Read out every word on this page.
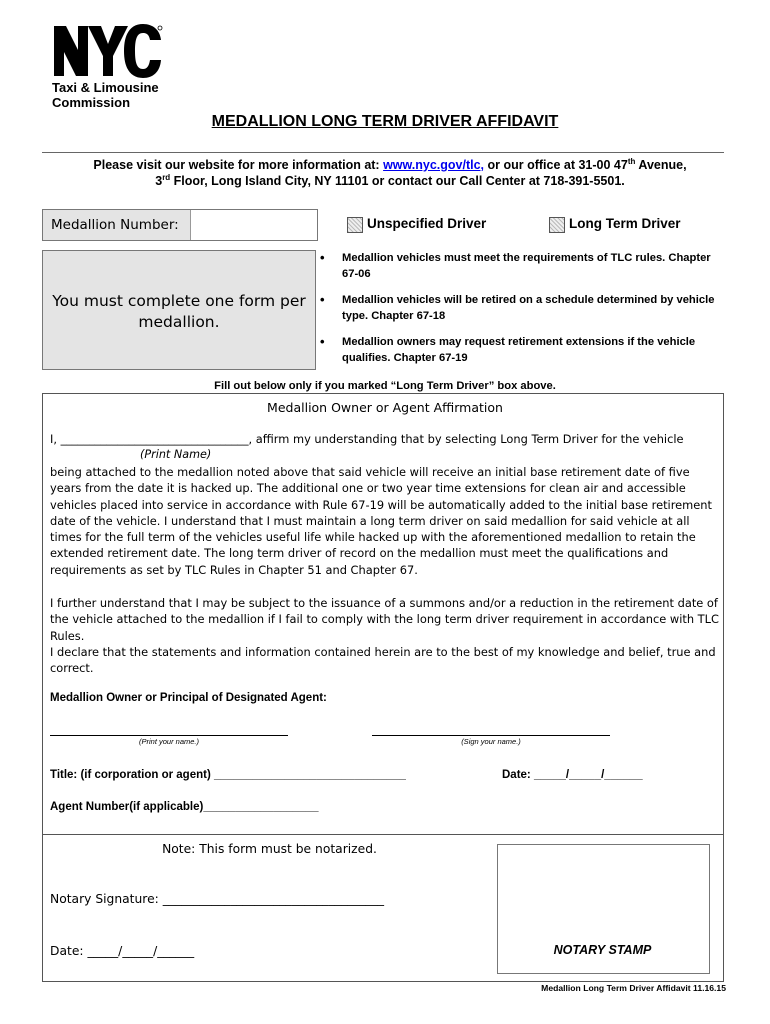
Taxi & Limousine
Commission
MEDALLION LONG TERM DRIVER AFFIDAVIT
Please visit our website for more information at: www.nyc.gov/tlc, or our office at 31-00 47th Avenue,
3rd Floor, Long Island City, NY 11101 or contact our Call Center at 718-391-5501.
Medallion Number:	Unspecified Driver	Long Term Driver
You must complete one form per medallion.
• Medallion vehicles must meet the requirements of TLC rules. Chapter 67-06
• Medallion vehicles will be retired on a schedule determined by vehicle type. Chapter 67-18
• Medallion owners may request retirement extensions if the vehicle qualifies. Chapter 67-19
Fill out below only if you marked “Long Term Driver” box above.
Medallion Owner or Agent Affirmation
I, _________________________________, affirm my understanding that by selecting Long Term Driver for the vehicle
(Print Name)
being attached to the medallion noted above that said vehicle will receive an initial base retirement date of five years from the date it is hacked up. The additional one or two year time extensions for clean air and accessible vehicles placed into service in accordance with Rule 67-19 will be automatically added to the initial base retirement date of the vehicle. I understand that I must maintain a long term driver on said medallion for said vehicle at all times for the full term of the vehicles useful life while hacked up with the aforementioned medallion to retain the extended retirement date. The long term driver of record on the medallion must meet the qualifications and requirements as set by TLC Rules in Chapter 51 and Chapter 67.
I further understand that I may be subject to the issuance of a summons and/or a reduction in the retirement date of the vehicle attached to the medallion if I fail to comply with the long term driver requirement in accordance with TLC Rules.
I declare that the statements and information contained herein are to the best of my knowledge and belief, true and correct.
Medallion Owner or Principal of Designated Agent:
(Print your name.)	(Sign your name.)
Title: (if corporation or agent) ______________________________	Date: _____/_____/______
Agent Number(if applicable)__________________
Note: This form must be notarized.
Notary Signature: ____________________________________
Date: _____/_____/______	NOTARY STAMP
Medallion Long Term Driver Affidavit 11.16.15
